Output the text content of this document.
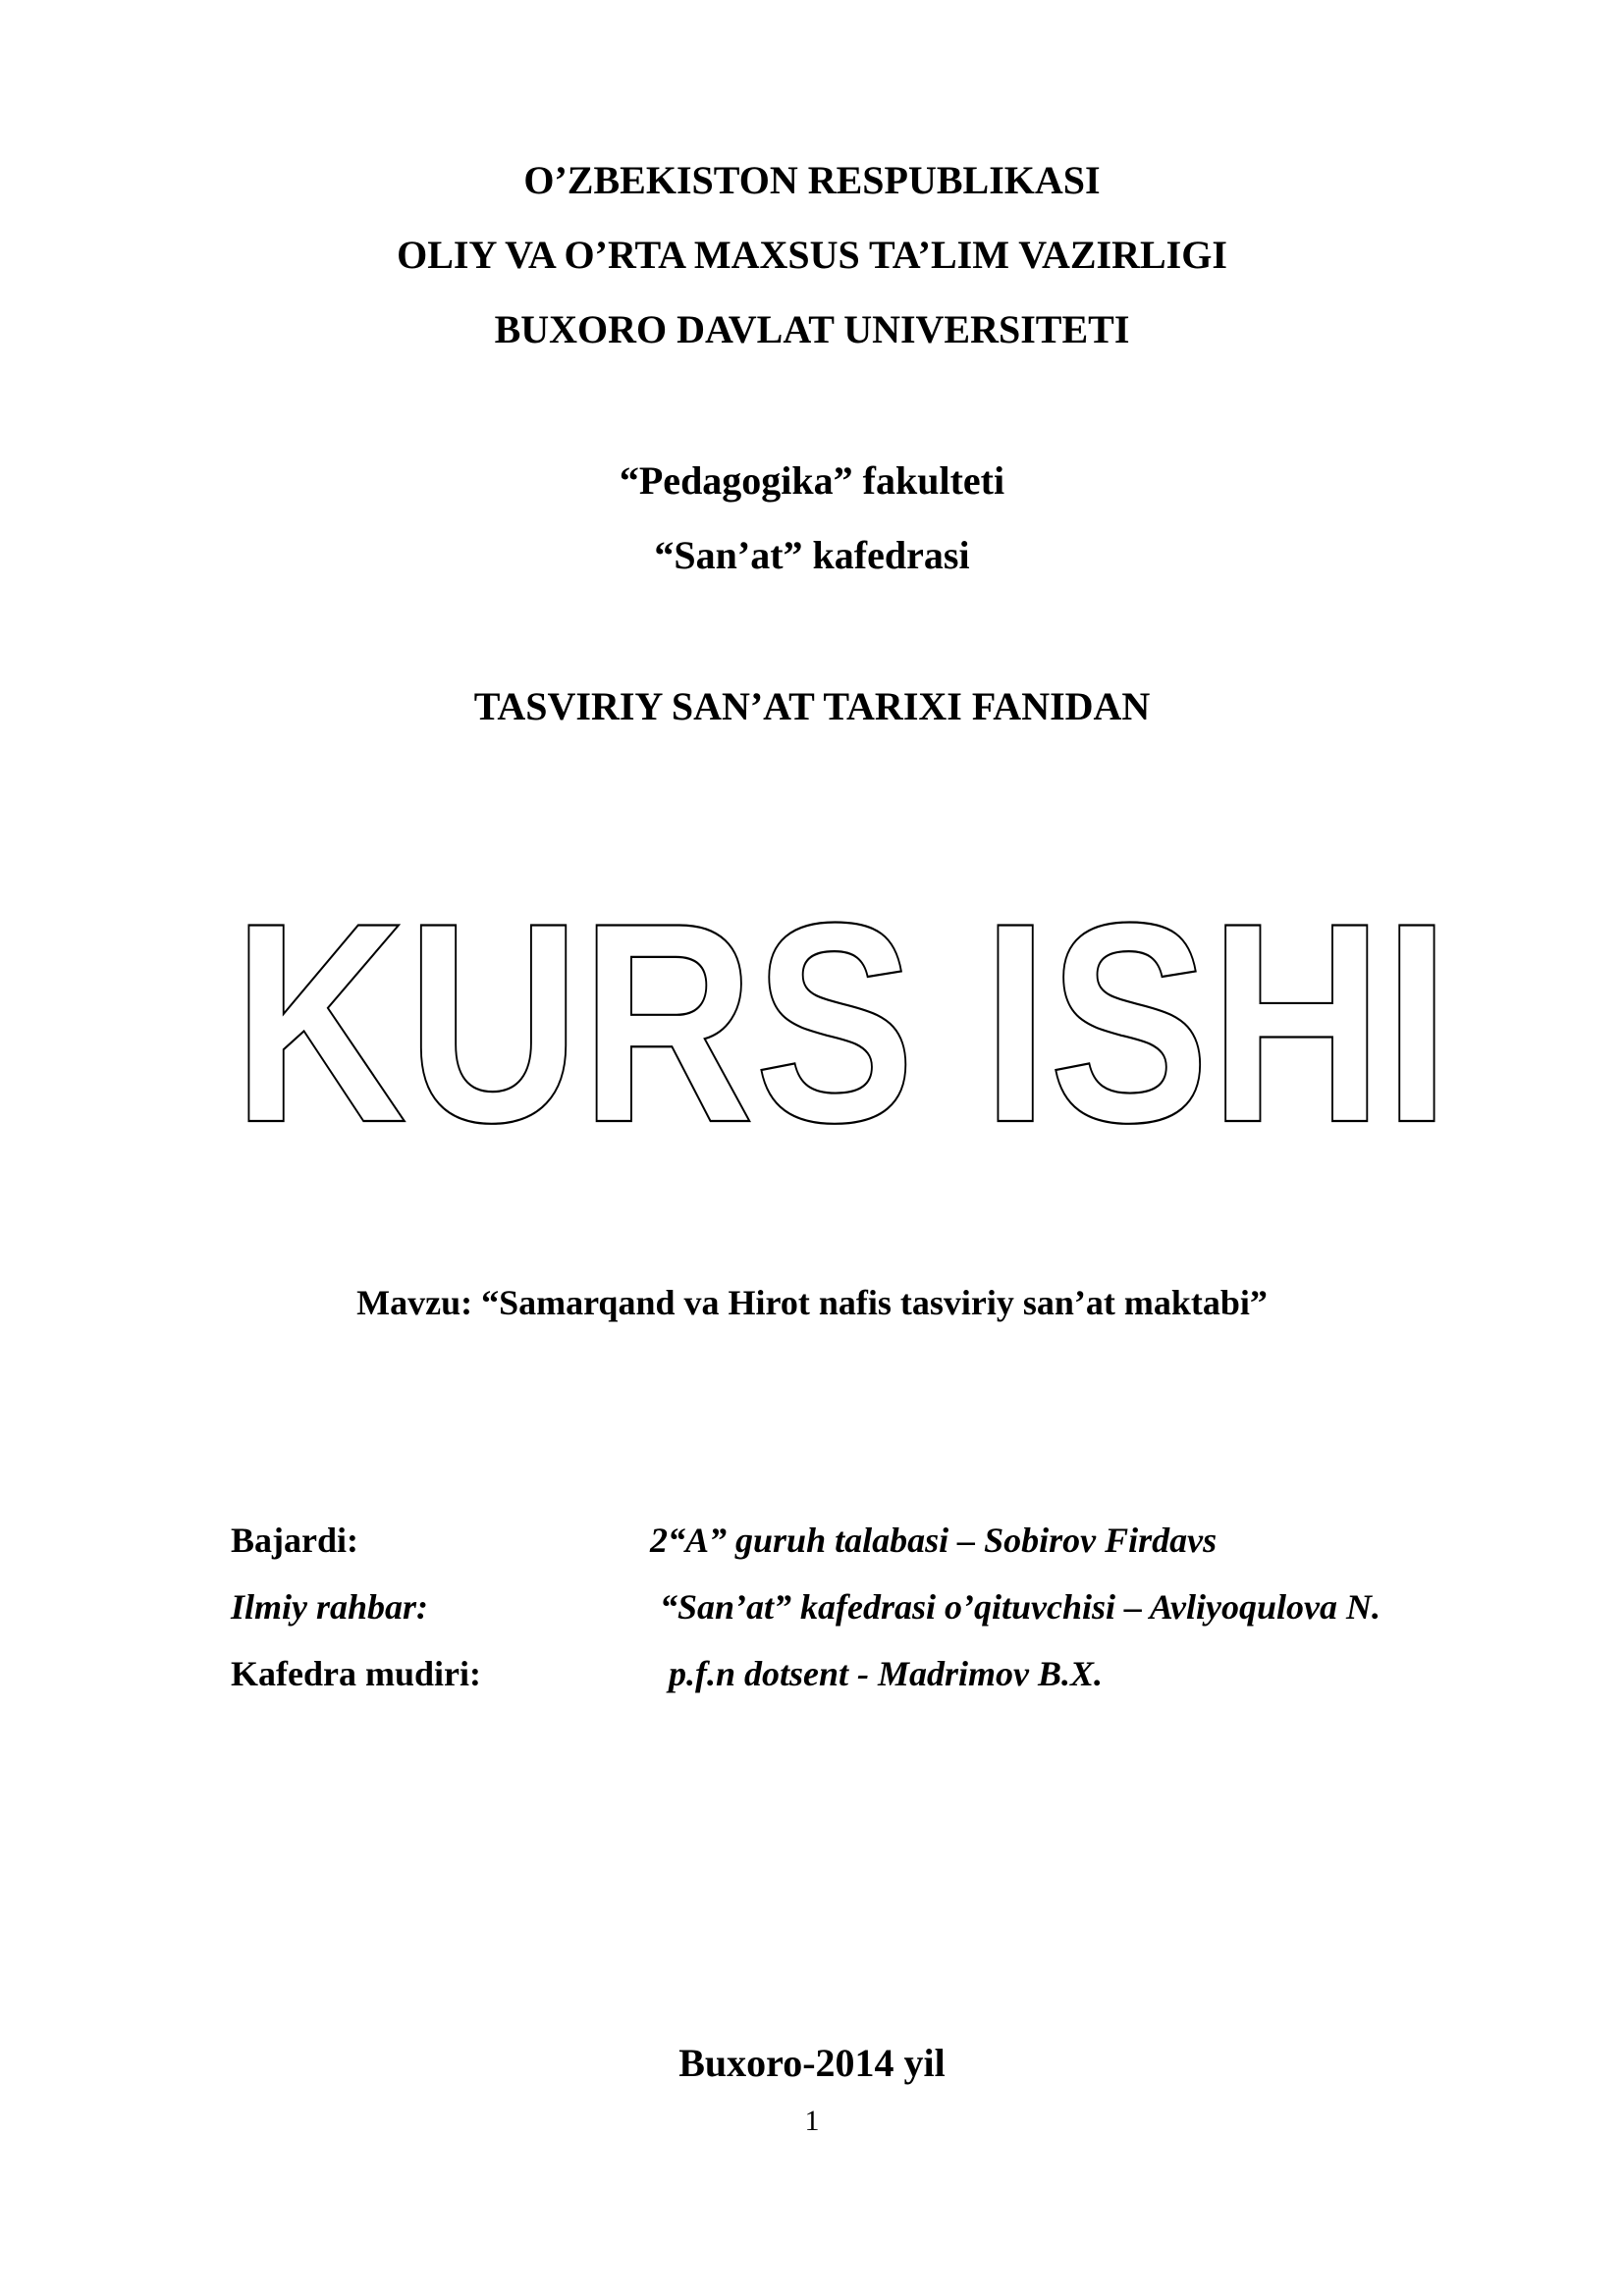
O’ZBEKISTON RESPUBLIKASI
OLIY VA O’RTA MAXSUS TA’LIM VAZIRLIGI
BUXORO DAVLAT UNIVERSITETI
“Pedagogika” fakulteti
“San’at” kafedrasi
TASVIRIY SAN’AT TARIXI FANIDAN
KURS ISHI
Mavzu: “Samarqand va Hirot nafis tasviriy san’at maktabi”
Bajardi:	2“A” guruh talabasi – Sobirov Firdavs
Ilmiy rahbar:	“San’at” kafedrasi o’qituvchisi – Avliyoqulova N.
Kafedra mudiri:	p.f.n dotsent - Madrimov B.X.
Buxoro-2014 yil
1
